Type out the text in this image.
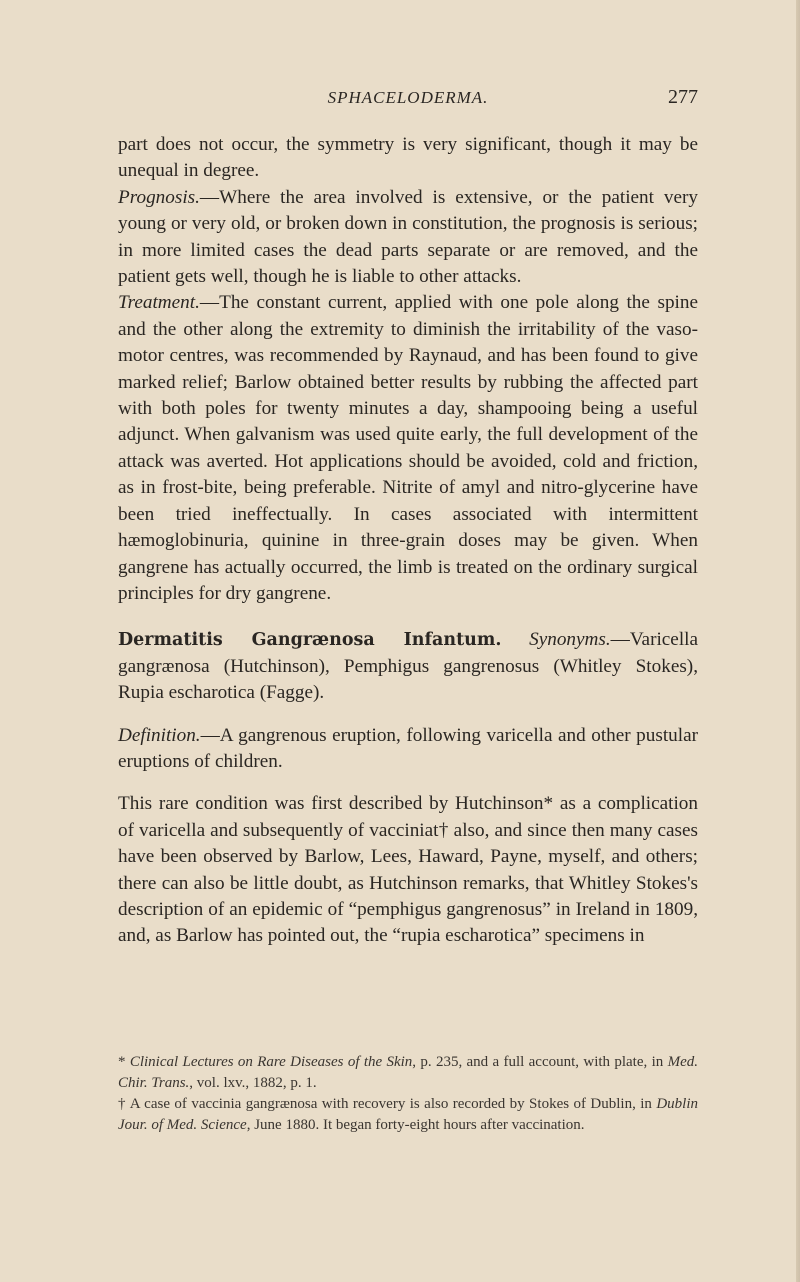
SPHACELODERMA.	277

part does not occur, the symmetry is very significant, though it may be unequal in degree.

Prognosis.—Where the area involved is extensive, or the patient very young or very old, or broken down in constitution, the prognosis is serious; in more limited cases the dead parts separate or are removed, and the patient gets well, though he is liable to other attacks.

Treatment.—The constant current, applied with one pole along the spine and the other along the extremity to diminish the irritability of the vaso-motor centres, was recommended by Raynaud, and has been found to give marked relief; Barlow obtained better results by rubbing the affected part with both poles for twenty minutes a day, shampooing being a useful adjunct. When galvanism was used quite early, the full development of the attack was averted. Hot applications should be avoided, cold and friction, as in frost-bite, being preferable. Nitrite of amyl and nitro-glycerine have been tried ineffectually. In cases associated with intermittent hæmoglobinuria, quinine in three-grain doses may be given. When gangrene has actually occurred, the limb is treated on the ordinary surgical principles for dry gangrene.

Dermatitis Gangrænosa Infantum. Synonyms.—Varicella gangrænosa (Hutchinson), Pemphigus gangrenosus (Whitley Stokes), Rupia escharotica (Fagge).

Definition.—A gangrenous eruption, following varicella and other pustular eruptions of children.

This rare condition was first described by Hutchinson* as a complication of varicella and subsequently of vacciniat† also, and since then many cases have been observed by Barlow, Lees, Haward, Payne, myself, and others; there can also be little doubt, as Hutchinson remarks, that Whitley Stokes's description of an epidemic of “pemphigus gangrenosus” in Ireland in 1809, and, as Barlow has pointed out, the “rupia escharotica” specimens in

* Clinical Lectures on Rare Diseases of the Skin, p. 235, and a full account, with plate, in Med. Chir. Trans., vol. lxv., 1882, p. 1.

† A case of vaccinia gangrænosa with recovery is also recorded by Stokes of Dublin, in Dublin Jour. of Med. Science, June 1880. It began forty-eight hours after vaccination.
